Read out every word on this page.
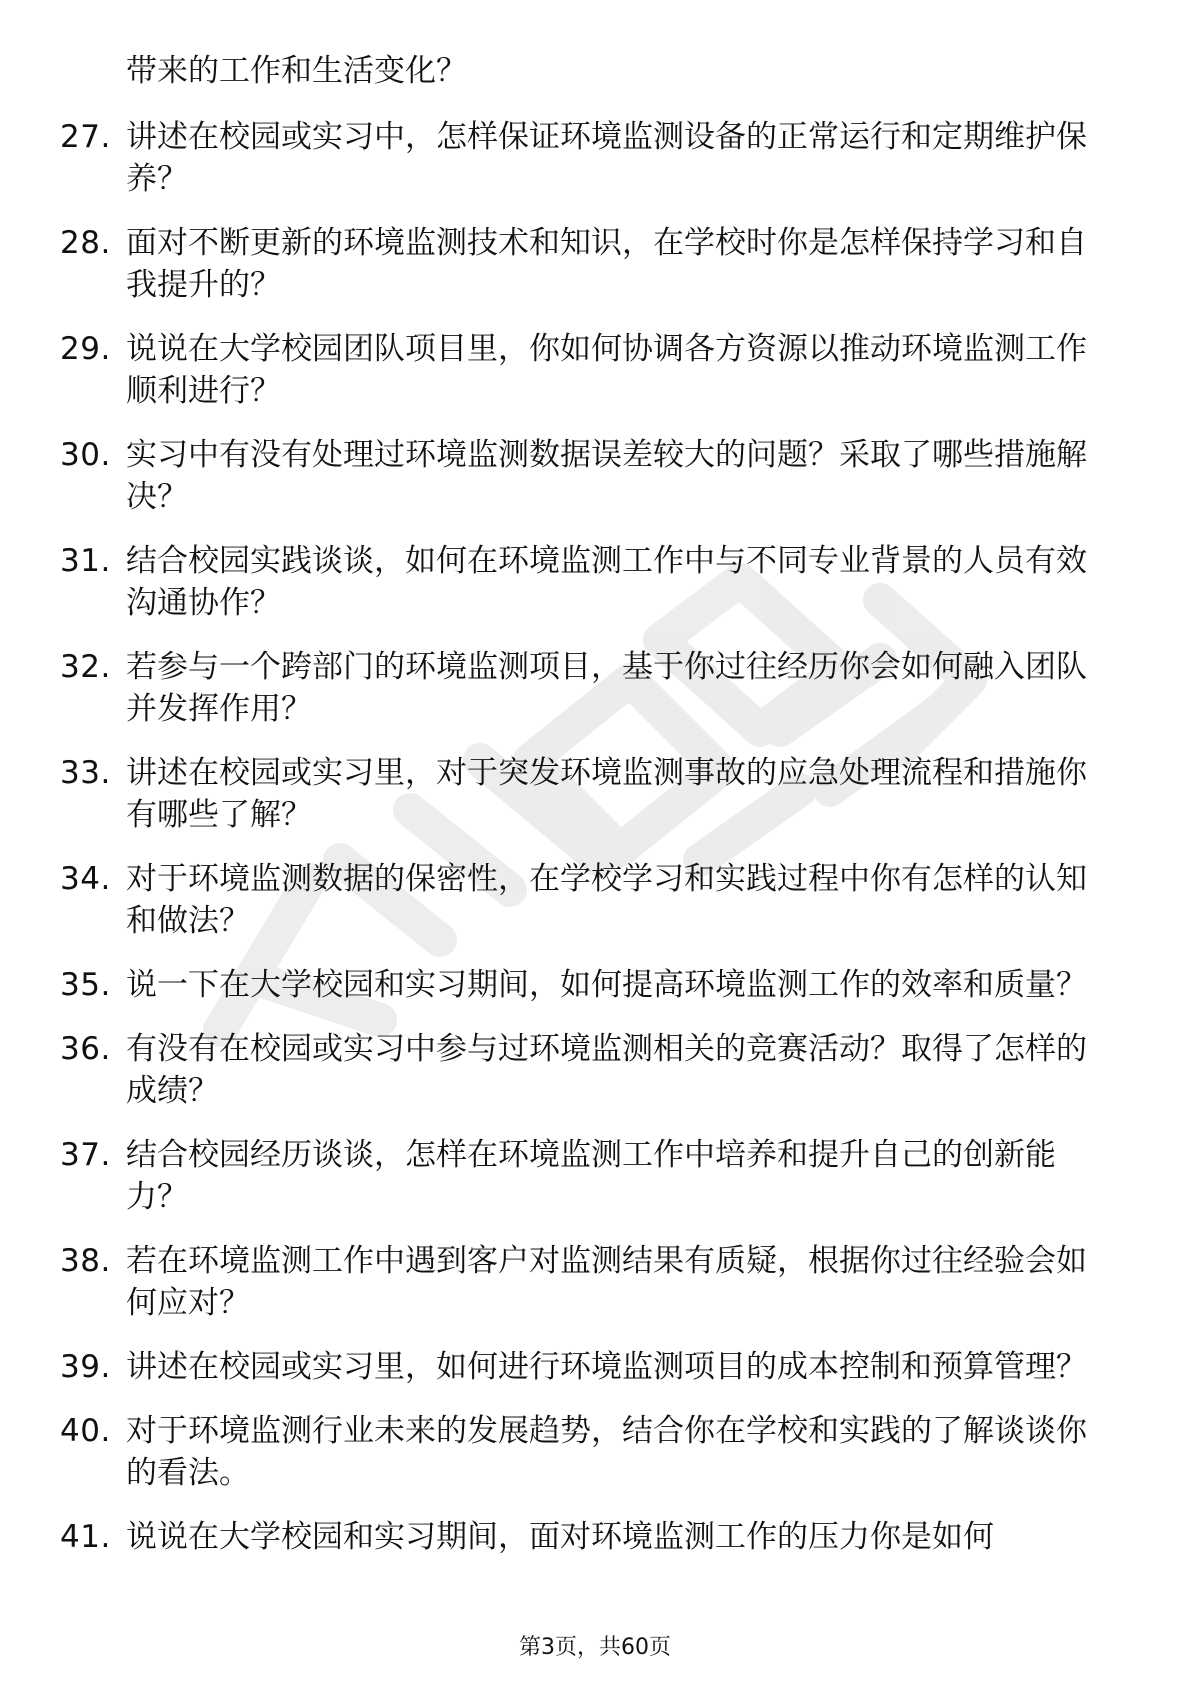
带来的工作和生活变化？
27. 讲述在校园或实习中，怎样保证环境监测设备的正常运行和定期维护保养？
28. 面对不断更新的环境监测技术和知识，在学校时你是怎样保持学习和自我提升的？
29. 说说在大学校园团队项目里，你如何协调各方资源以推动环境监测工作顺利进行？
30. 实习中有没有处理过环境监测数据误差较大的问题？采取了哪些措施解决？
31. 结合校园实践谈谈，如何在环境监测工作中与不同专业背景的人员有效沟通协作？
32. 若参与一个跨部门的环境监测项目，基于你过往经历你会如何融入团队并发挥作用？
33. 讲述在校园或实习里，对于突发环境监测事故的应急处理流程和措施你有哪些了解？
34. 对于环境监测数据的保密性，在学校学习和实践过程中你有怎样的认知和做法？
35. 说一下在大学校园和实习期间，如何提高环境监测工作的效率和质量？
36. 有没有在校园或实习中参与过环境监测相关的竞赛活动？取得了怎样的成绩？
37. 结合校园经历谈谈，怎样在环境监测工作中培养和提升自己的创新能力？
38. 若在环境监测工作中遇到客户对监测结果有质疑，根据你过往经验会如何应对？
39. 讲述在校园或实习里，如何进行环境监测项目的成本控制和预算管理？
40. 对于环境监测行业未来的发展趋势，结合你在学校和实践的了解谈谈你的看法。
41. 说说在大学校园和实习期间，面对环境监测工作的压力你是如何
第3页，共60页
